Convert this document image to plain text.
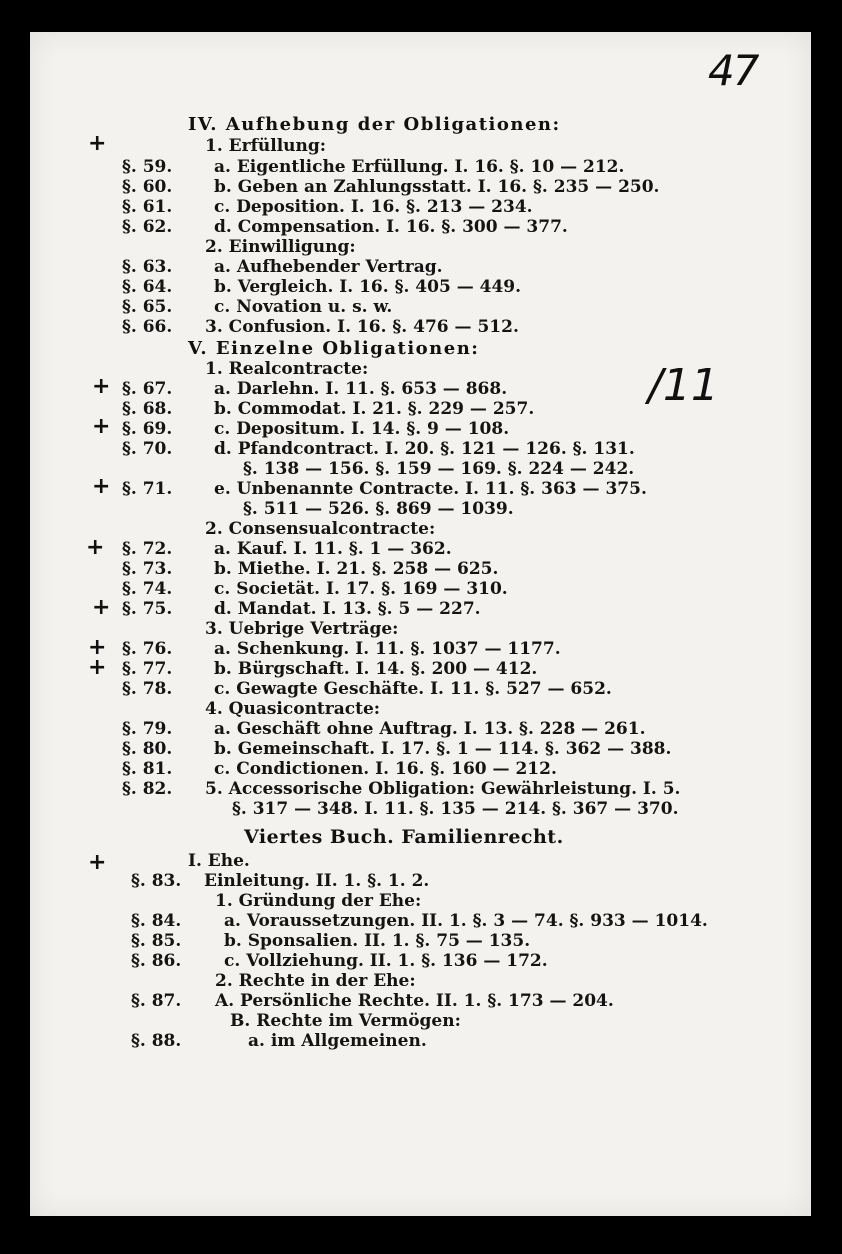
47
/11
IV. Aufhebung der Obligationen:
+	1. Erfüllung:
§. 59. a. Eigentliche Erfüllung. I. 16. §. 10 — 212.
§. 60. b. Geben an Zahlungsstatt. I. 16. §. 235 — 250.
§. 61. c. Deposition. I. 16. §. 213 — 234.
§. 62. d. Compensation. I. 16. §. 300 — 377.
2. Einwilligung:
§. 63. a. Aufhebender Vertrag.
§. 64. b. Vergleich. I. 16. §. 405 — 449.
§. 65. c. Novation u. s. w.
§. 66. 3. Confusion. I. 16. §. 476 — 512.
V. Einzelne Obligationen:
1. Realcontracte:
+ §. 67. a. Darlehn. I. 11. §. 653 — 868.
§. 68. b. Commodat. I. 21. §. 229 — 257.
+ §. 69. c. Depositum. I. 14. §. 9 — 108.
§. 70. d. Pfandcontract. I. 20. §. 121 — 126. §. 131.
§. 138 — 156. §. 159 — 169. §. 224 — 242.
+ §. 71. e. Unbenannte Contracte. I. 11. §. 363 — 375.
§. 511 — 526. §. 869 — 1039.
2. Consensualcontracte:
+ §. 72. a. Kauf. I. 11. §. 1 — 362.
§. 73. b. Miethe. I. 21. §. 258 — 625.
§. 74. c. Societät. I. 17. §. 169 — 310.
+ §. 75. d. Mandat. I. 13. §. 5 — 227.
3. Uebrige Verträge:
+ §. 76. a. Schenkung. I. 11. §. 1037 — 1177.
+ §. 77. b. Bürgschaft. I. 14. §. 200 — 412.
§. 78. c. Gewagte Geschäfte. I. 11. §. 527 — 652.
4. Quasicontracte:
§. 79. a. Geschäft ohne Auftrag. I. 13. §. 228 — 261.
§. 80. b. Gemeinschaft. I. 17. §. 1 — 114. §. 362 — 388.
§. 81. c. Condictionen. I. 16. §. 160 — 212.
§. 82. 5. Accessorische Obligation: Gewährleistung. I. 5.
§. 317 — 348. I. 11. §. 135 — 214. §. 367 — 370.
Viertes Buch. Familienrecht.
+	I. Ehe.
§. 83. Einleitung. II. 1. §. 1. 2.
1. Gründung der Ehe:
§. 84.	a. Voraussetzungen. II. 1. §. 3 — 74. §. 933 — 1014.
§. 85.	b. Sponsalien. II. 1. §. 75 — 135.
§. 86.	c. Vollziehung. II. 1. §. 136 — 172.
2. Rechte in der Ehe:
§. 87. A. Persönliche Rechte. II. 1. §. 173 — 204.
B. Rechte im Vermögen:
§. 88.	a. im Allgemeinen.
